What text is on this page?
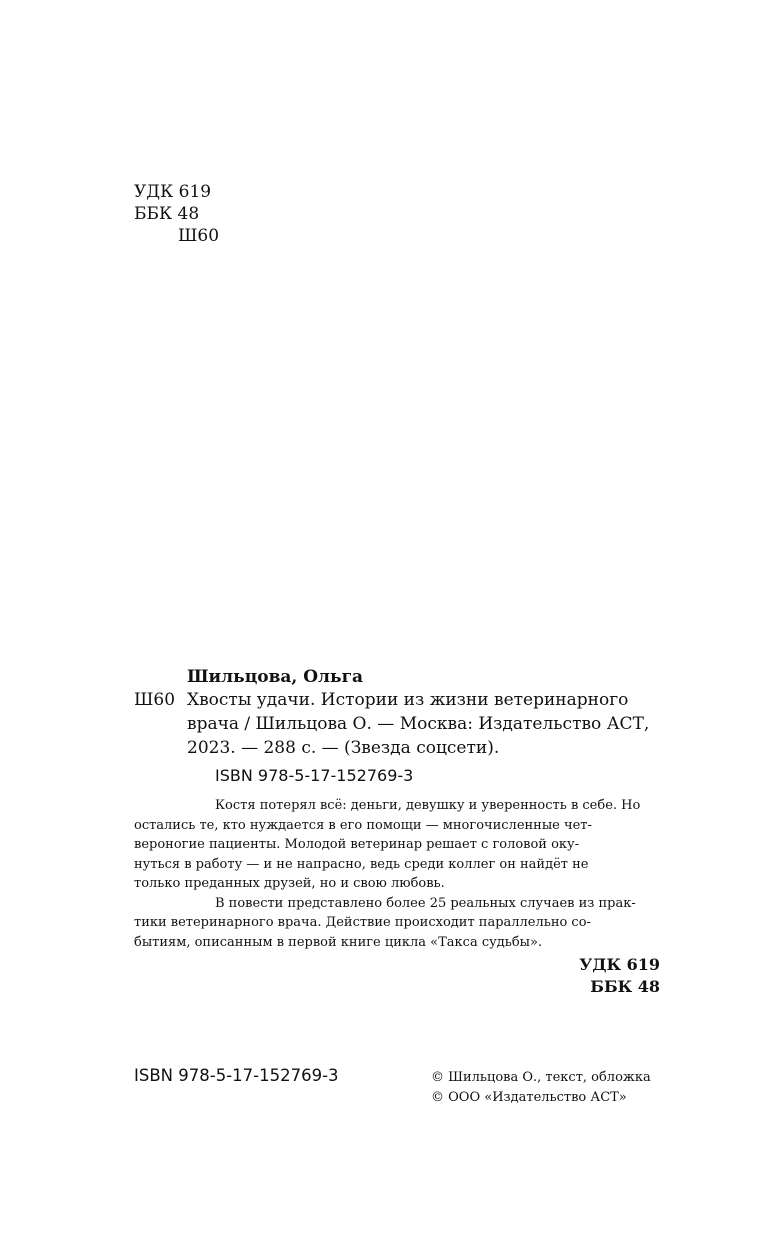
УДК 619
ББК 48
Ш60
Шильцова, Ольга
Ш60 Хвосты удачи. Истории из жизни ветеринарного
врача / Шильцова О. — Москва: Издательство АСТ,
2023. — 288 с. — (Звезда соцсети).
ISBN 978-5-17-152769-3
Костя потерял всё: деньги, девушку и уверенность в себе. Но
остались те, кто нуждается в его помощи — многочисленные чет-
вероногие пациенты. Молодой ветеринар решает с головой оку-
нуться в работу — и не напрасно, ведь среди коллег он найдёт не
только преданных друзей, но и свою любовь.
В повести представлено более 25 реальных случаев из прак-
тики ветеринарного врача. Действие происходит параллельно со-
бытиям, описанным в первой книге цикла «Такса судьбы».
УДК 619
ББК 48
ISBN 978-5-17-152769-3	© Шильцова О., текст, обложка
© ООО «Издательство АСТ»
